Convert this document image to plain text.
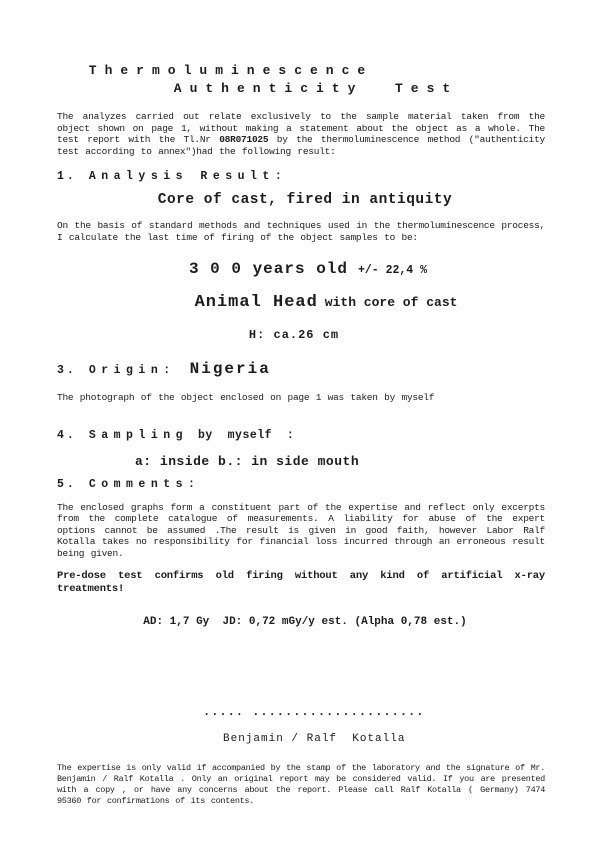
Thermoluminescence
Authenticity  Test

The analyzes carried out relate exclusively to the sample material taken from the object shown on page 1, without making a statement about the object as a whole. The test report with the Tl.Nr 08R071025 by the thermoluminescence method ("authenticity test according to annex")had the following result:

1. Analysis Result:
Core of cast, fired in antiquity

On the basis of standard methods and techniques used in the thermoluminescence process, I calculate the last time of firing of the object samples to be:

3 0 0 years old +/- 22,4 %
Animal Head with core of cast
H: ca.26 cm
3. Origin: Nigeria

The photograph of the object enclosed on page 1 was taken by myself

4. Sampling by  myself  :
a: inside b.: in side mouth
5. Comments:

The enclosed graphs form a constituent part of the expertise and reflect only excerpts from the complete catalogue of measurements. A liability for abuse of the expert options cannot be assumed .The result is given in good faith, however Labor Ralf Kotalla takes no responsibility for financial loss incurred through an erroneous result being given.

Pre-dose test confirms old firing without any kind of artificial x-ray treatments!

AD: 1,7 Gy  JD: 0,72 mGy/y est. (Alpha 0,78 est.)
..... .....................
Benjamin / Ralf  Kotalla

The expertise is only valid if accompanied by the stamp of the laboratory and the signature of Mr. Benjamin / Ralf Kotalla . Only an original report may be considered valid. If you are presented with a copy , or have any concerns about the report. Please call Ralf Kotalla ( Germany) 7474 95360 for confirmations of its contents.
